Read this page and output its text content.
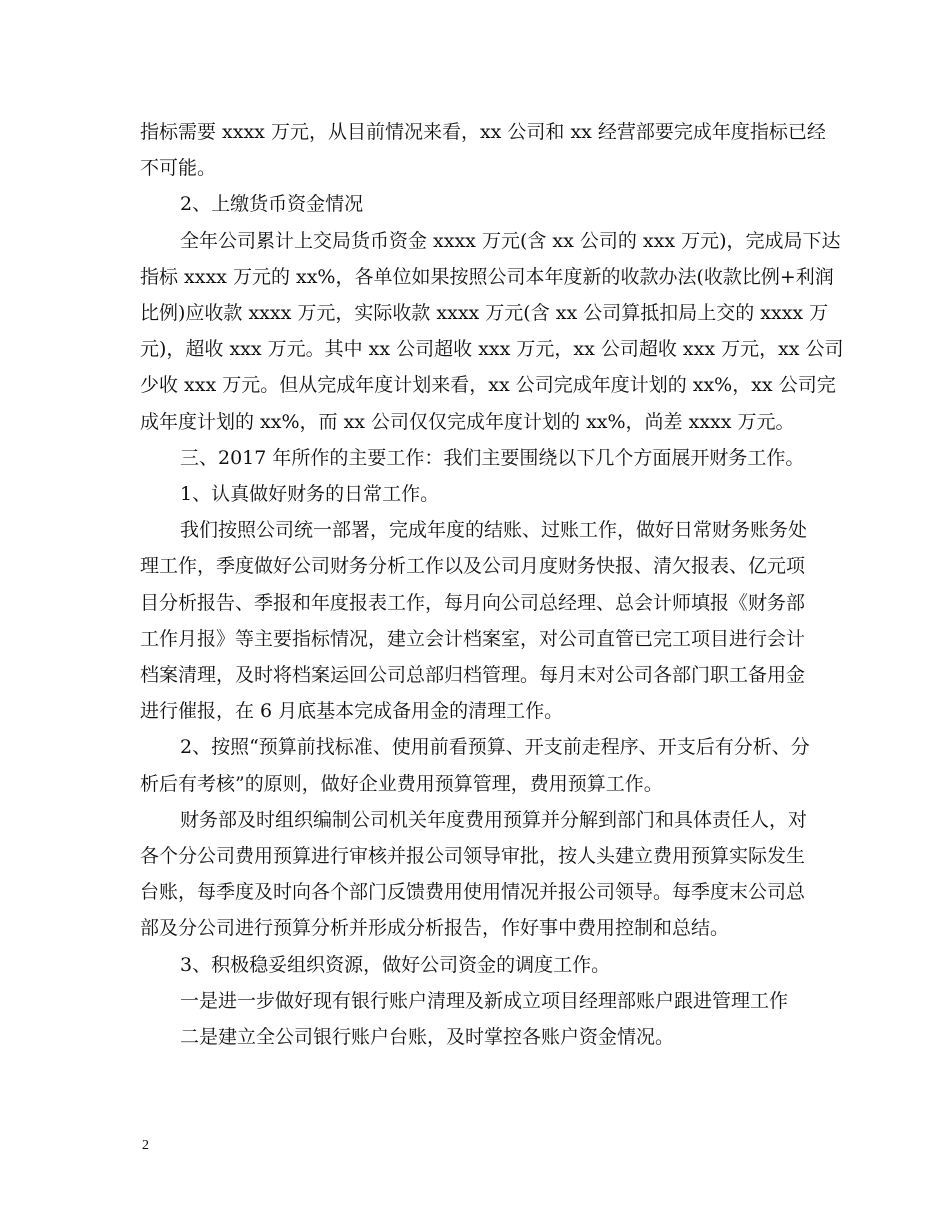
指标需要 xxxx 万元，从目前情况来看，xx 公司和 xx 经营部要完成年度指标已经

不可能。

2、上缴货币资金情况

全年公司累计上交局货币资金 xxxx 万元(含 xx 公司的 xxx 万元)，完成局下达

指标 xxxx 万元的 xx%，各单位如果按照公司本年度新的收款办法(收款比例+利润

比例)应收款 xxxx 万元，实际收款 xxxx 万元(含 xx 公司算抵扣局上交的 xxxx 万

元)，超收 xxx 万元。其中 xx 公司超收 xxx 万元，xx 公司超收 xxx 万元，xx 公司

少收 xxx 万元。但从完成年度计划来看，xx 公司完成年度计划的 xx%，xx 公司完

成年度计划的 xx%，而 xx 公司仅仅完成年度计划的 xx%，尚差 xxxx 万元。

三、2017 年所作的主要工作：我们主要围绕以下几个方面展开财务工作。

1、认真做好财务的日常工作。

我们按照公司统一部署，完成年度的结账、过账工作，做好日常财务账务处

理工作，季度做好公司财务分析工作以及公司月度财务快报、清欠报表、亿元项

目分析报告、季报和年度报表工作，每月向公司总经理、总会计师填报《财务部

工作月报》等主要指标情况，建立会计档案室，对公司直管已完工项目进行会计

档案清理，及时将档案运回公司总部归档管理。每月末对公司各部门职工备用金

进行催报，在 6 月底基本完成备用金的清理工作。

2、按照“预算前找标准、使用前看预算、开支前走程序、开支后有分析、分

析后有考核”的原则，做好企业费用预算管理，费用预算工作。

财务部及时组织编制公司机关年度费用预算并分解到部门和具体责任人，对

各个分公司费用预算进行审核并报公司领导审批，按人头建立费用预算实际发生

台账，每季度及时向各个部门反馈费用使用情况并报公司领导。每季度末公司总

部及分公司进行预算分析并形成分析报告，作好事中费用控制和总结。

3、积极稳妥组织资源，做好公司资金的调度工作。

一是进一步做好现有银行账户清理及新成立项目经理部账户跟进管理工作

二是建立全公司银行账户台账，及时掌控各账户资金情况。

2
